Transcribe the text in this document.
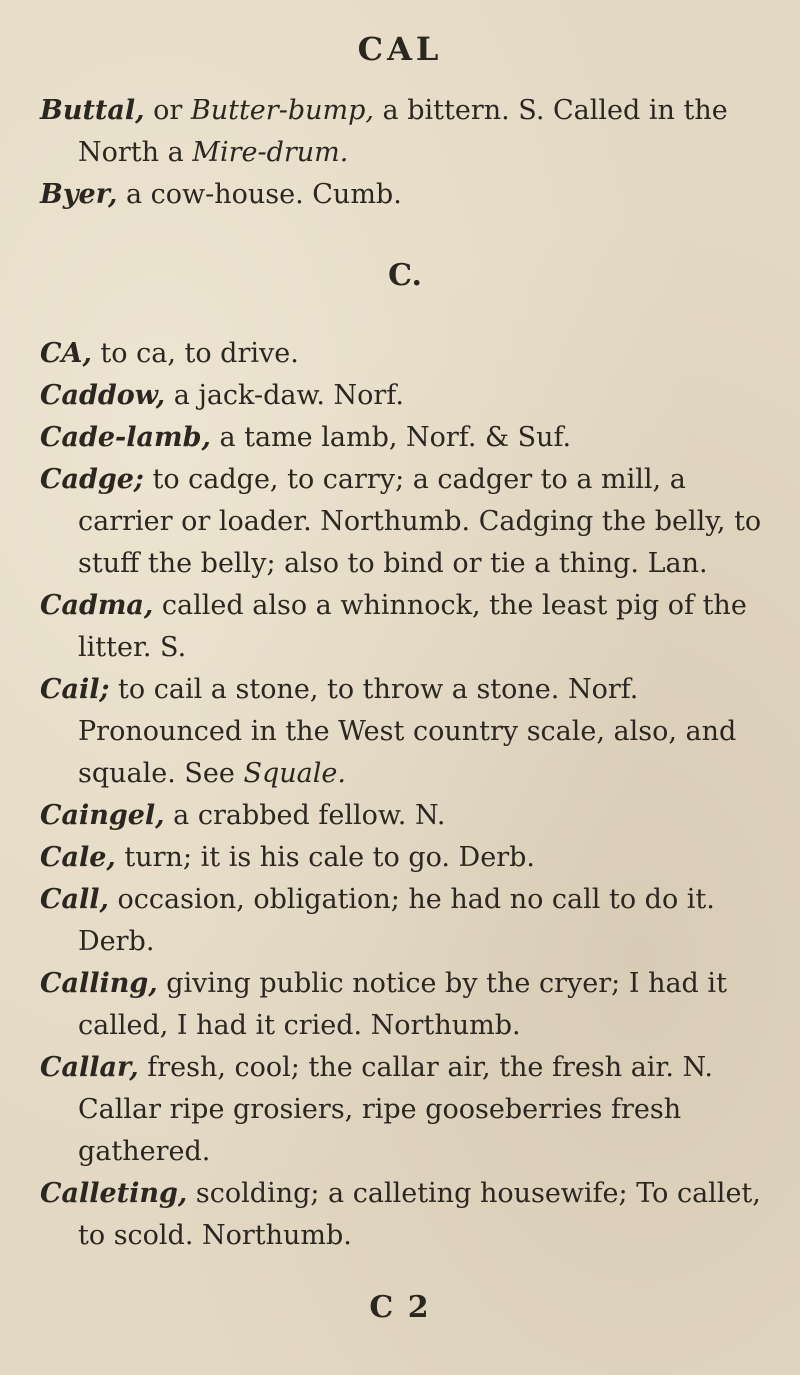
CAL

Buttal, or Butter-bump, a bittern. S. Called in the North a Mire-drum.

Byer, a cow-house. Cumb.

C.

CA, to ca, to drive.

Caddow, a jack-daw. Norf.

Cade-lamb, a tame lamb, Norf. & Suf.

Cadge; to cadge, to carry; a cadger to a mill, a carrier or loader. Northumb. Cadging the belly, to stuff the belly; also to bind or tie a thing. Lan.

Cadma, called also a whinnock, the least pig of the litter. S.

Cail; to cail a stone, to throw a stone. Norf. Pronounced in the West country scale, also, and squale. See Squale.

Caingel, a crabbed fellow. N.

Cale, turn; it is his cale to go. Derb.

Call, occasion, obligation; he had no call to do it. Derb.

Calling, giving public notice by the cryer; I had it called, I had it cried. Northumb.

Callar, fresh, cool; the callar air, the fresh air. N. Callar ripe grosiers, ripe gooseberries fresh gathered.

Calleting, scolding; a calleting housewife; To callet, to scold. Northumb.

C 2
